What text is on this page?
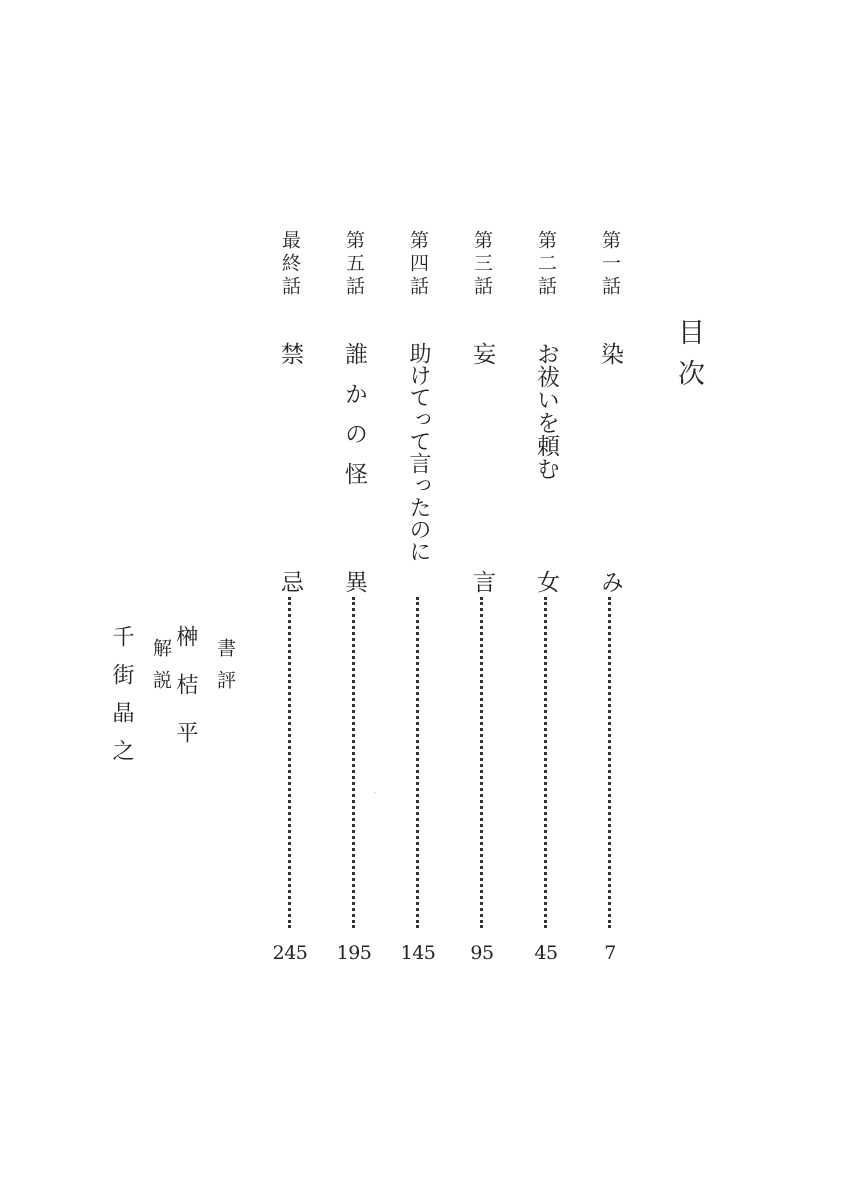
目次
第一話
染
み
7
第二話
お祓いを頼む
女
45
第三話
妄
言
95
第四話
助けてって言ったのに
145
第五話
誰かの怪
異
195
最終話
禁
忌
245
書評
榊桔平
解説
千街晶之
